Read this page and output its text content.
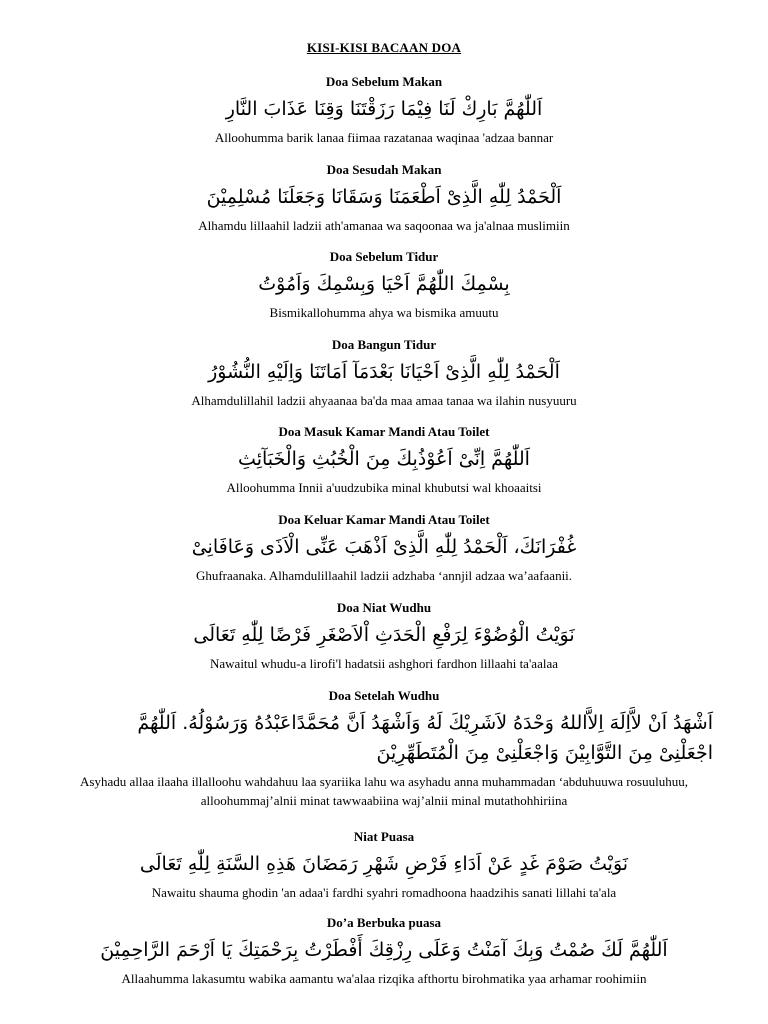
KISI-KISI BACAAN DOA
Doa Sebelum Makan
اَللّٰهُمَّ بَارِكْ لَنَا فِيْمَا رَزَقْتَنَا وَقِنَا عَذَابَ النَّارِ
Alloohumma barik lanaa fiimaa razatanaa waqinaa 'adzaa bannar
Doa Sesudah Makan
اَلْحَمْدُ لِلّٰهِ الَّذِىْ اَطْعَمَنَا وَسَقَانَا وَجَعَلَنَا مُسْلِمِيْنَ
Alhamdu lillaahil ladzii ath'amanaa wa saqoonaa wa ja'alnaa muslimiin
Doa Sebelum Tidur
بِسْمِكَ اللّٰهُمَّ اَحْيَا وَبِسْمِكَ وَاَمُوْتُ
Bismikallohumma ahya wa bismika amuutu
Doa Bangun Tidur
اَلْحَمْدُ لِلّٰهِ الَّذِىْ اَحْيَانَا بَعْدَمَآ اَمَاتَنَا وَاِلَيْهِ النُّشُوْرُ
Alhamdulillahil ladzii ahyaanaa ba'da maa amaa tanaa wa ilahin nusyuuru
Doa Masuk Kamar Mandi Atau Toilet
اَللّٰهُمَّ اِنِّىْ اَعُوْذُبِكَ مِنَ الْخُبُثِ وَالْخَبَآئِثِ
Alloohumma Innii a'uudzubika minal khubutsi wal khoaaitsi
Doa Keluar Kamar Mandi Atau Toilet
غُفْرَانَكَ، اَلْحَمْدُ لِلّٰهِ الَّذِىْ اَذْهَبَ عَنِّى الْاَذَى وَعَافَانِىْ
Ghufraanaka. Alhamdulillaahil ladzii adzhaba ‘annjil adzaa wa’aafaanii.
Doa Niat Wudhu
نَوَيْتُ الْوُضُوْءَ لِرَفْعِ الْحَدَثِ اْلاَصْغَرِ فَرْضًا لِلّٰهِ تَعَالَى
Nawaitul whudu-a lirofi'l hadatsii ashghori fardhon lillaahi ta'aalaa
Doa Setelah Wudhu
اَشْهَدُ اَنْ لاَّاِلَهَ اِلاَّاللهُ وَحْدَهُ لاَشَرِيْكَ لَهُ وَاَشْهَدُ اَنَّ مُحَمَّدًاعَبْدُهُ وَرَسُوْلُهُ. اَللّٰهُمَّ اجْعَلْنِىْ مِنَ التَّوَّابِيْنَ وَاجْعَلْنِىْ مِنَ الْمُتَطَهِّرِيْنَ
Asyhadu allaa ilaaha illalloohu wahdahuu laa syariika lahu wa asyhadu anna muhammadan ‘abduhuuwa rosuuluhuu, alloohummaj’alnii minat tawwaabiina waj’alnii minal mutathohhiriina
Niat Puasa
نَوَيْتُ صَوْمَ غَدٍ عَنْ اَدَاءِ فَرْضِ شَهْرِ رَمَضَانَ هَذِهِ السَّنَةِ لِلّٰهِ تَعَالَى
Nawaitu shauma ghodin 'an adaa'i fardhi syahri romadhoona haadzihis sanati lillahi ta'ala
Do’a Berbuka puasa
اَللّٰهُمَّ لَكَ صُمْتُ وَبِكَ آمَنْتُ وَعَلَى رِزْقِكَ أَفْطَرْتُ بِرَحْمَتِكَ يَا اَرْحَمَ الرَّاحِمِيْنَ
Allaahumma lakasumtu wabika aamantu wa'alaa rizqika afthortu birohmatika yaa arhamar roohimiin
